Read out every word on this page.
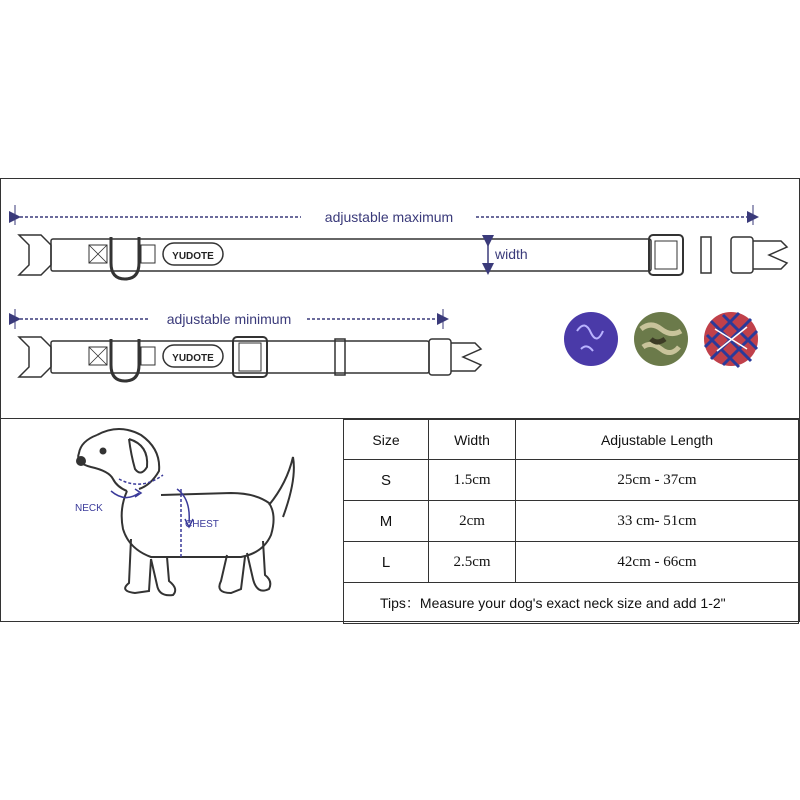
adjustable maximum
YUDOTE	width
adjustable minimum
YUDOTE
NECK
CHEST
Size	Width	Adjustable Length
S	1.5cm	25cm - 37cm
M	2cm	33 cm- 51cm
L	2.5cm	42cm - 66cm
Tips：Measure your dog's exact neck size and add 1-2"		
